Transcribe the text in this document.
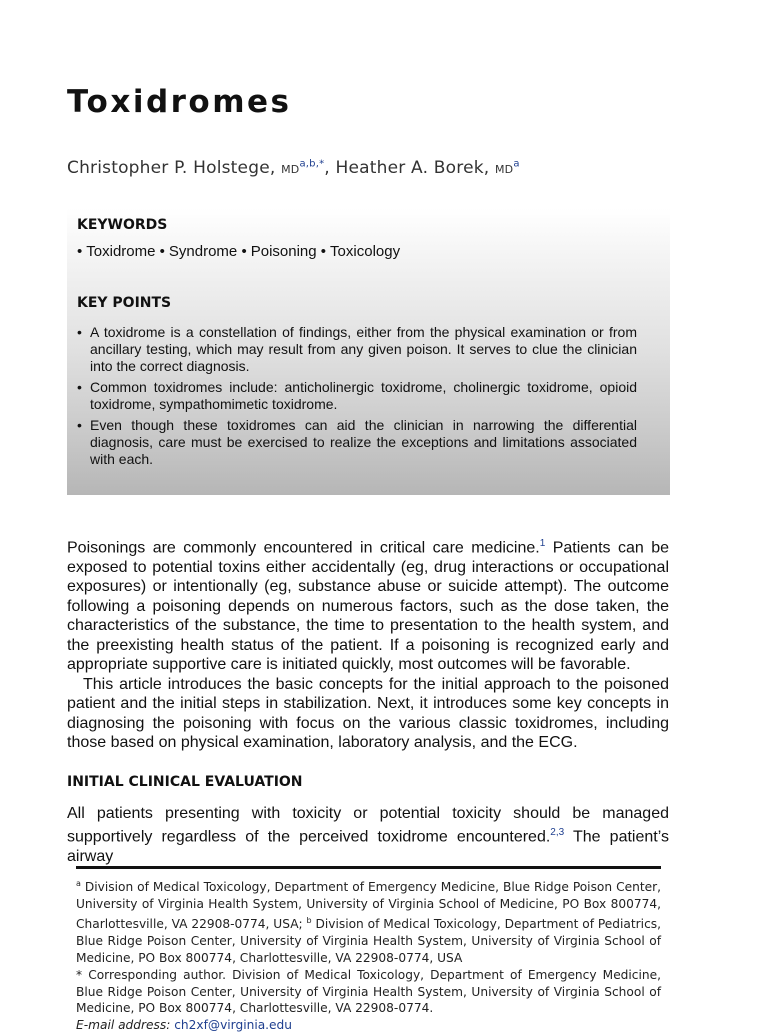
Toxidromes
Christopher P. Holstege, $MD^{a,b,*}$, Heather A. Borek, $MD^a$
KEYWORDS
• Toxidrome • Syndrome • Poisoning • Toxicology
KEY POINTS
• A toxidrome is a constellation of findings, either from the physical examination or from ancillary testing, which may result from any given poison. It serves to clue the clinician into the correct diagnosis.
• Common toxidromes include: anticholinergic toxidrome, cholinergic toxidrome, opioid toxidrome, sympathomimetic toxidrome.
• Even though these toxidromes can aid the clinician in narrowing the differential diagnosis, care must be exercised to realize the exceptions and limitations associated with each.

Poisonings are commonly encountered in critical care medicine.$^1$ Patients can be exposed to potential toxins either accidentally (eg, drug interactions or occupational exposures) or intentionally (eg, substance abuse or suicide attempt). The outcome following a poisoning depends on numerous factors, such as the dose taken, the characteristics of the substance, the time to presentation to the health system, and the preexisting health status of the patient. If a poisoning is recognized early and appropriate supportive care is initiated quickly, most outcomes will be favorable.

This article introduces the basic concepts for the initial approach to the poisoned patient and the initial steps in stabilization. Next, it introduces some key concepts in diagnosing the poisoning with focus on the various classic toxidromes, including those based on physical examination, laboratory analysis, and the ECG.

INITIAL CLINICAL EVALUATION

All patients presenting with toxicity or potential toxicity should be managed supportively regardless of the perceived toxidrome encountered.$^{2,3}$ The patient’s airway

$^a$ Division of Medical Toxicology, Department of Emergency Medicine, Blue Ridge Poison Center, University of Virginia Health System, University of Virginia School of Medicine, PO Box 800774, Charlottesville, VA 22908-0774, USA; $^b$ Division of Medical Toxicology, Department of Pediatrics, Blue Ridge Poison Center, University of Virginia Health System, University of Virginia School of Medicine, PO Box 800774, Charlottesville, VA 22908-0774, USA

* Corresponding author. Division of Medical Toxicology, Department of Emergency Medicine, Blue Ridge Poison Center, University of Virginia Health System, University of Virginia School of Medicine, PO Box 800774, Charlottesville, VA 22908-0774.

E-mail address: ch2xf@virginia.edu
